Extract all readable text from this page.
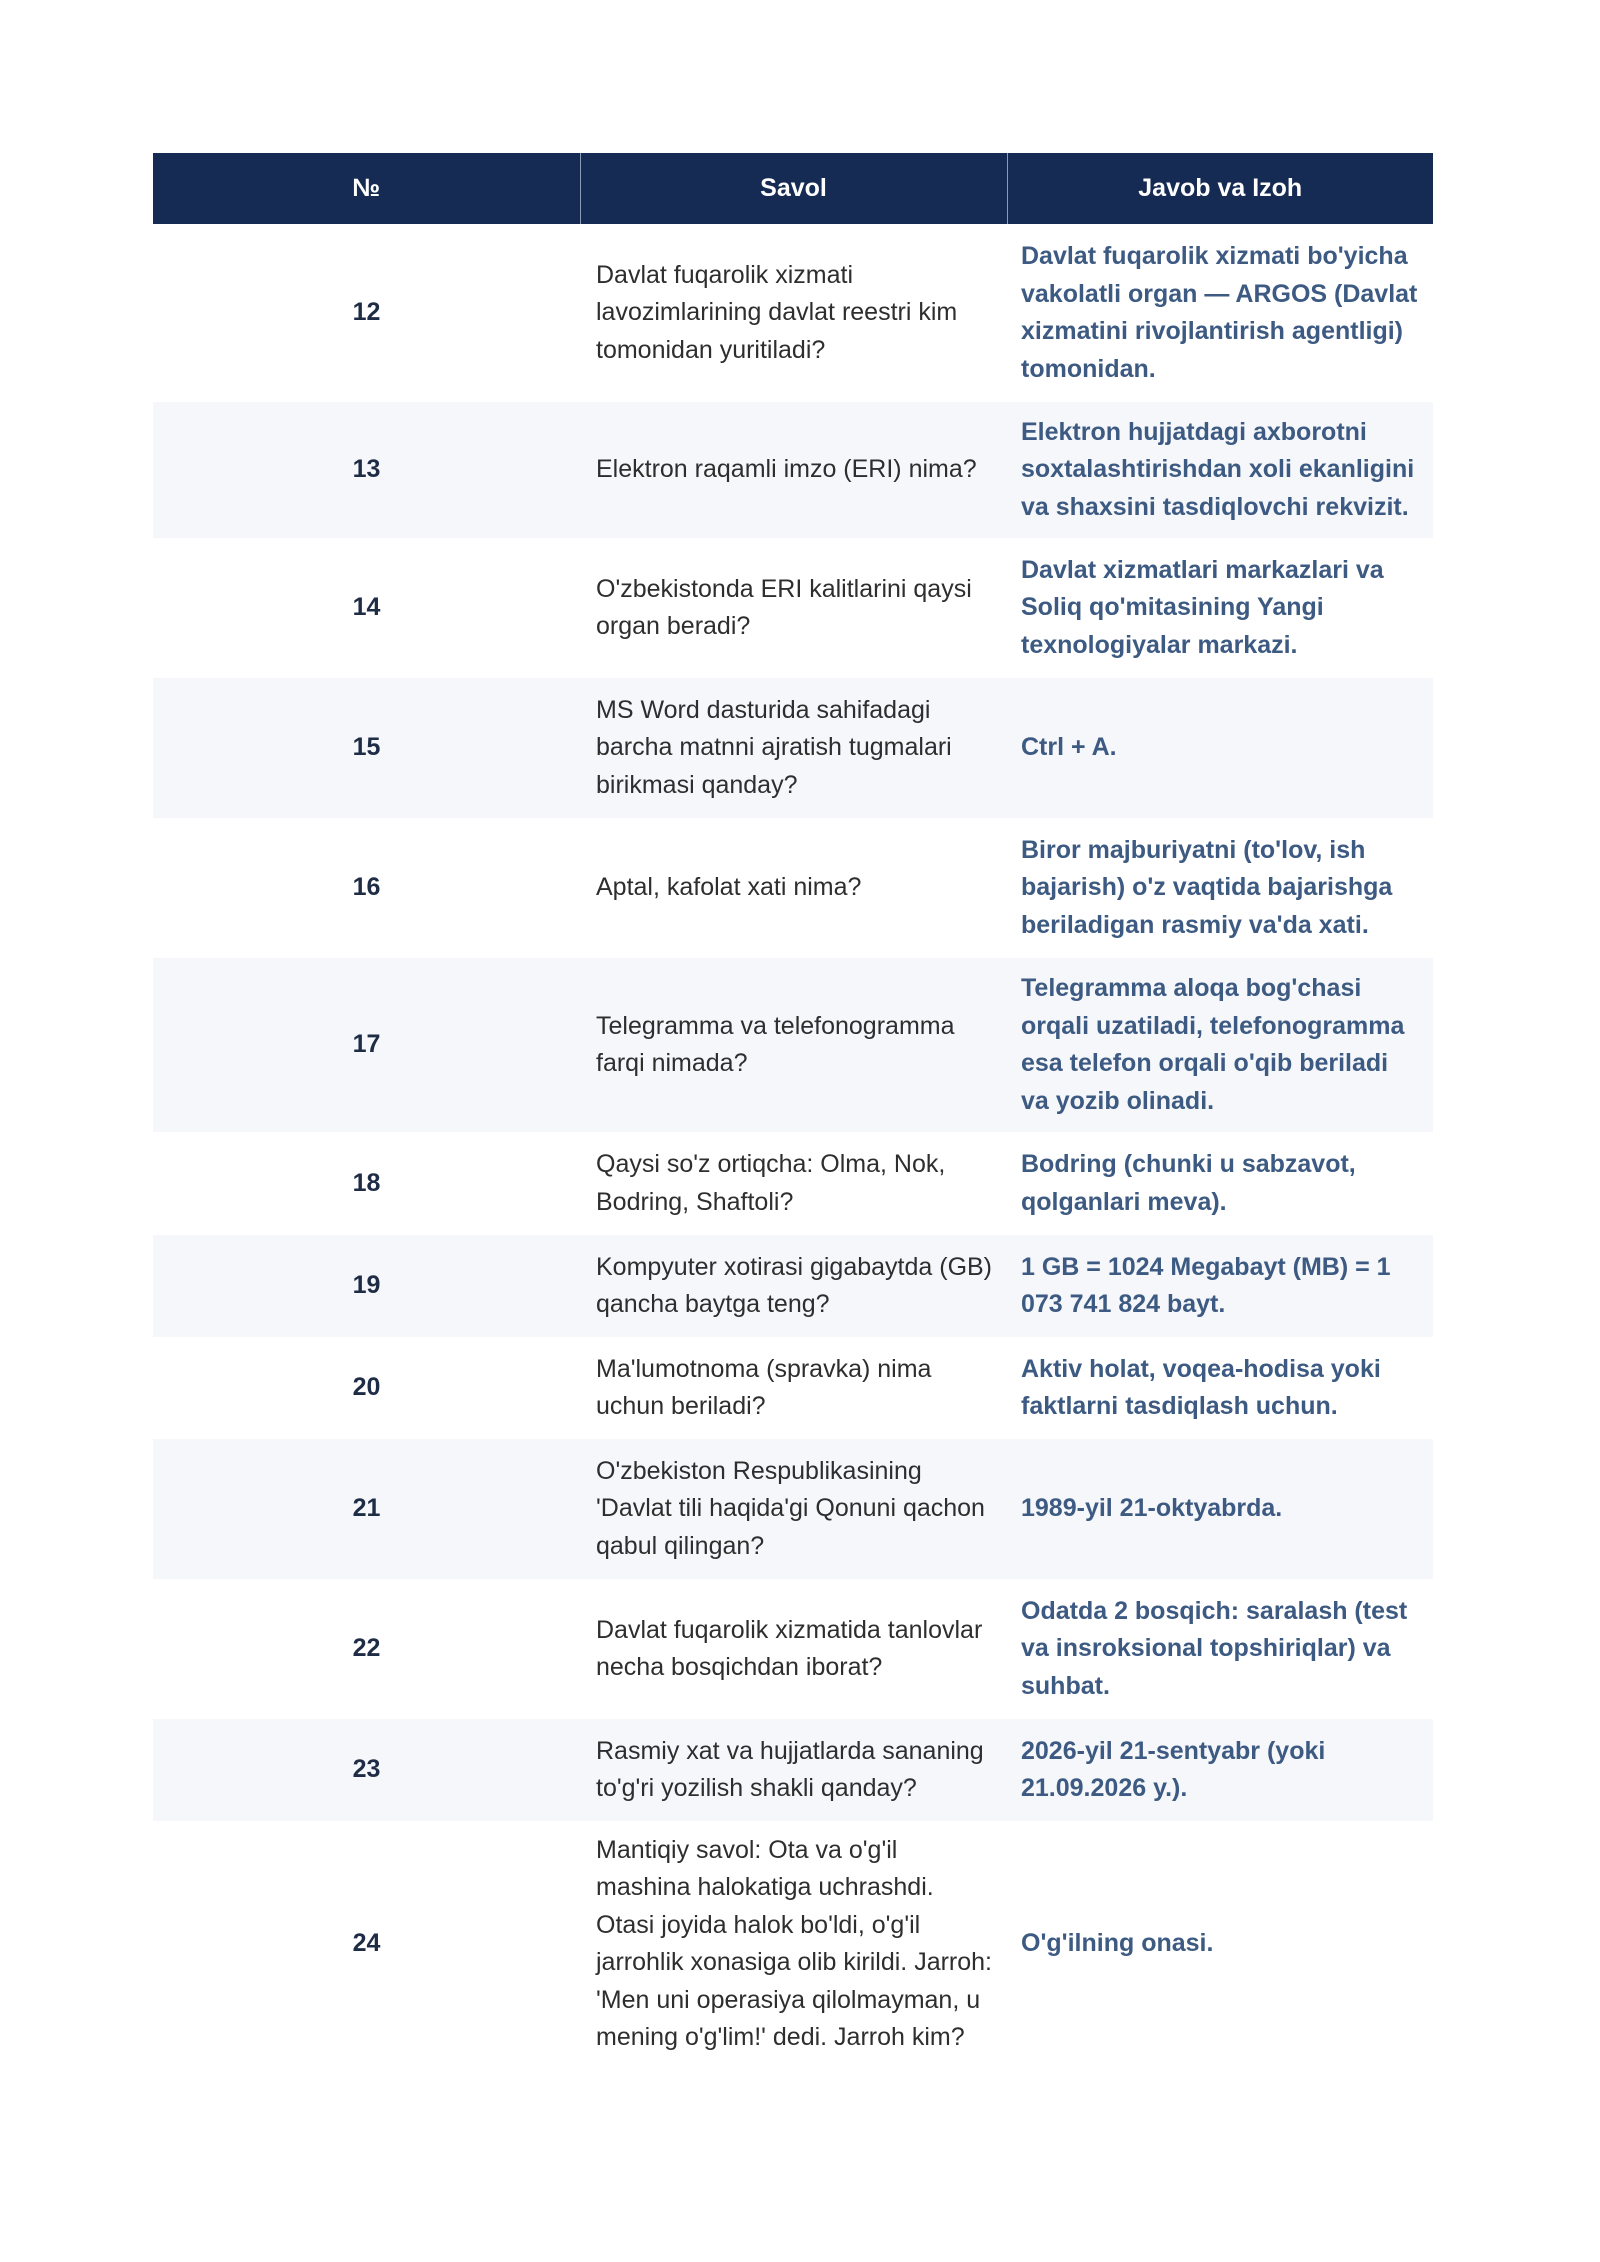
№	Savol	Javob va Izoh
12	Davlat fuqarolik xizmati lavozimlarining davlat reestri kim tomonidan yuritiladi?	Davlat fuqarolik xizmati bo'yicha vakolatli organ — ARGOS (Davlat xizmatini rivojlantirish agentligi) tomonidan.
13	Elektron raqamli imzo (ERI) nima?	Elektron hujjatdagi axborotni soxtalashtirishdan xoli ekanligini va shaxsini tasdiqlovchi rekvizit.
14	O'zbekistonda ERI kalitlarini qaysi organ beradi?	Davlat xizmatlari markazlari va Soliq qo'mitasining Yangi texnologiyalar markazi.
15	MS Word dasturida sahifadagi barcha matnni ajratish tugmalari birikmasi qanday?	Ctrl + A.
16	Aptal, kafolat xati nima?	Biror majburiyatni (to'lov, ish bajarish) o'z vaqtida bajarishga beriladigan rasmiy va'da xati.
17	Telegramma va telefonogramma farqi nimada?	Telegramma aloqa bog'chasi orqali uzatiladi, telefonogramma esa telefon orqali o'qib beriladi va yozib olinadi.
18	Qaysi so'z ortiqcha: Olma, Nok, Bodring, Shaftoli?	Bodring (chunki u sabzavot, qolganlari meva).
19	Kompyuter xotirasi gigabaytda (GB) qancha baytga teng?	1 GB = 1024 Megabayt (MB) = 1 073 741 824 bayt.
20	Ma'lumotnoma (spravka) nima uchun beriladi?	Aktiv holat, voqea-hodisa yoki faktlarni tasdiqlash uchun.
21	O'zbekiston Respublikasining 'Davlat tili haqida'gi Qonuni qachon qabul qilingan?	1989-yil 21-oktyabrda.
22	Davlat fuqarolik xizmatida tanlovlar necha bosqichdan iborat?	Odatda 2 bosqich: saralash (test va insroksional topshiriqlar) va suhbat.
23	Rasmiy xat va hujjatlarda sananing to'g'ri yozilish shakli qanday?	2026-yil 21-sentyabr (yoki 21.09.2026 y.).
24	Mantiqiy savol: Ota va o'g'il mashina halokatiga uchrashdi. Otasi joyida halok bo'ldi, o'g'il jarrohlik xonasiga olib kirildi. Jarroh: 'Men uni operasiya qilolmayman, u mening o'g'lim!' dedi. Jarroh kim?	O'g'ilning onasi.
